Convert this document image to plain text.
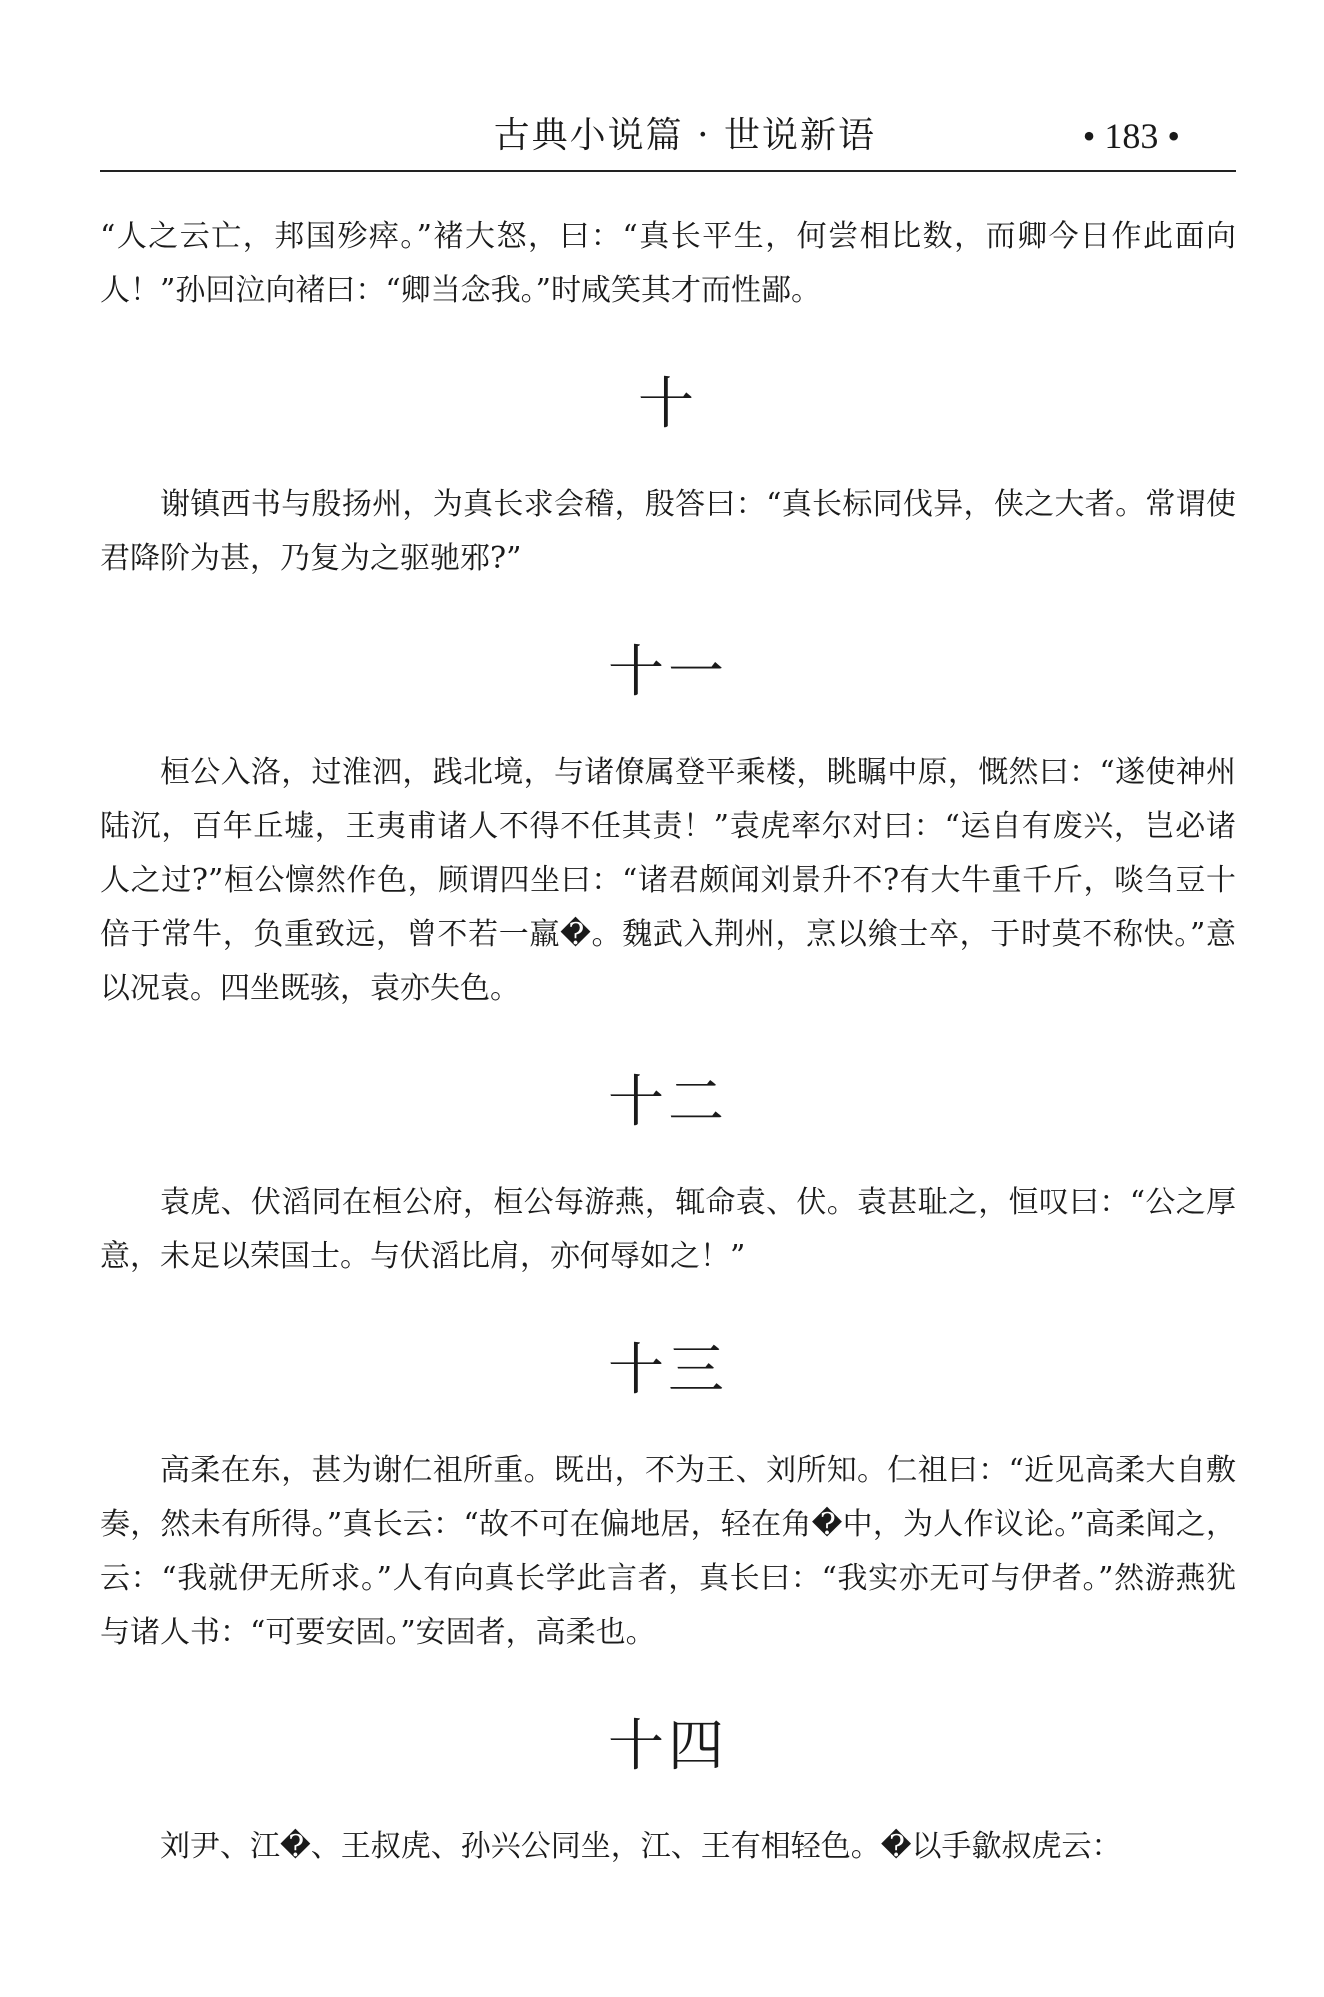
古典小说篇 · 世说新语	• 183 •

“人之云亡，邦国殄瘁。”褚大怒，曰：“真长平生，何尝相比数，而卿今日作此面向人！”孙回泣向褚曰：“卿当念我。”时咸笑其才而性鄙。

十

谢镇西书与殷扬州，为真长求会稽，殷答曰：“真长标同伐异，侠之大者。常谓使君降阶为甚，乃复为之驱驰邪?”

十一

桓公入洛，过淮泗，践北境，与诸僚属登平乘楼，眺瞩中原，慨然曰：“遂使神州陆沉，百年丘墟，王夷甫诸人不得不任其责！”袁虎率尔对曰：“运自有废兴，岂必诸人之过?”桓公懔然作色，顾谓四坐曰：“诸君颇闻刘景升不?有大牛重千斤，啖刍豆十倍于常牛，负重致远，曾不若一羸�。魏武入荆州，烹以飨士卒，于时莫不称快。”意以况袁。四坐既骇，袁亦失色。

十二

袁虎、伏滔同在桓公府，桓公每游燕，辄命袁、伏。袁甚耻之，恒叹曰：“公之厚意，未足以荣国士。与伏滔比肩，亦何辱如之！”

十三

高柔在东，甚为谢仁祖所重。既出，不为王、刘所知。仁祖曰：“近见高柔大自敷奏，然未有所得。”真长云：“故不可在偏地居，轻在角�中，为人作议论。”高柔闻之，云：“我就伊无所求。”人有向真长学此言者，真长曰：“我实亦无可与伊者。”然游燕犹与诸人书：“可要安固。”安固者，高柔也。

十四

刘尹、江�、王叔虎、孙兴公同坐，江、王有相轻色。�以手歙叔虎云：
